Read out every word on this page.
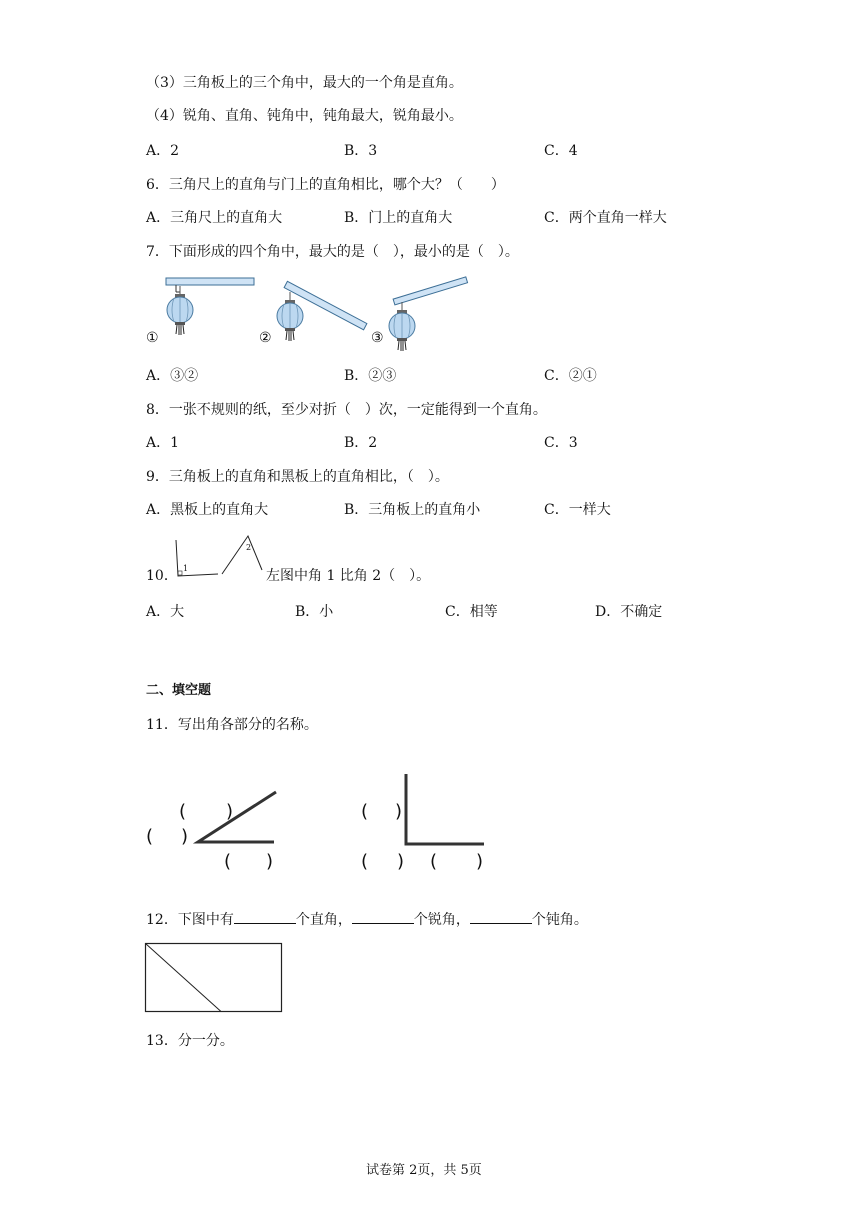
（3）三角板上的三个角中，最大的一个角是直角。
（4）锐角、直角、钝角中，钝角最大，锐角最小。
A．2	B．3	C．4
6．三角尺上的直角与门上的直角相比，哪个大？（　　）
A．三角尺上的直角大	B．门上的直角大	C．两个直角一样大
7．下面形成的四个角中，最大的是（　），最小的是（　）。
①	②	③
A．③②	B．②③	C．②①
8．一张不规则的纸，至少对折（　）次，一定能得到一个直角。
A．1	B．2	C．3
9．三角板上的直角和黑板上的直角相比，（　）。
A．黑板上的直角大	B．三角板上的直角小	C．一样大
1
2
10．	左图中角 1 比角 2（　）。
A．大	B．小	C．相等	D．不确定
二、填空题
11．写出角各部分的名称。
( )
( )
( )
( )
( ) ( )
12．下图中有	个直角，	个锐角，	个钝角。
13．分一分。
试卷第 2页，共 5页
